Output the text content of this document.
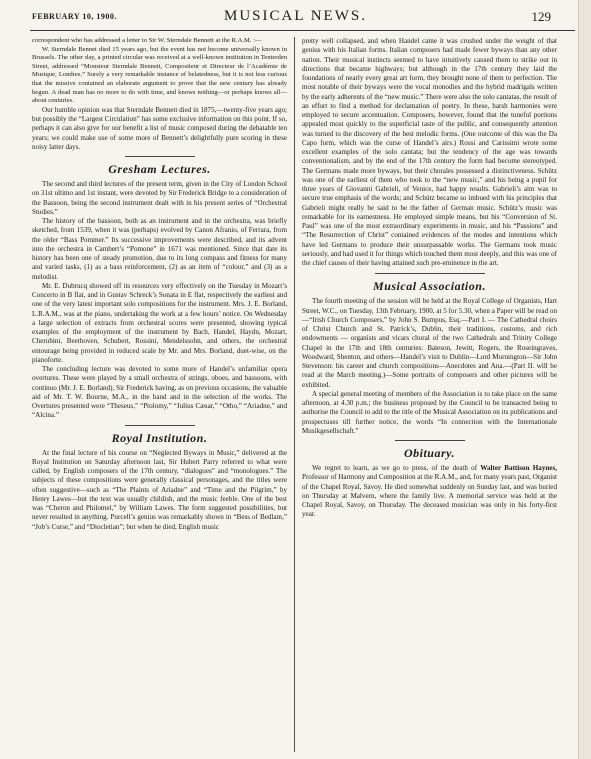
FEBRUARY 10, 1900.	MUSICAL NEWS.	129

correspondent who has addressed a letter to Sir W. Sterndale Bennett at the R.A.M. :—

W. Sterndale Bennet died 15 years ago, but the event has not become universally known in Brussels. The other day, a printed circular was received at a well-known institution in Tenterden Street, addressed “Monsieur Sterndale Bennett, Compositeur et Directeur de l’Académie de Musique, Londres.” Surely a very remarkable instance of belatedness, but it is not less curious that the missive contained an elaborate argument to prove that the new century has already begun. A dead man has no more to do with time, and knows nothing—or perhaps knows all—about centuries.

Our humble opinion was that Sterndale Bennett died in 1875,—twenty-five years ago; but possibly the “Largest Circulation” has some exclusive information on this point. If so, perhaps it can also give for our benefit a list of music composed during the debatable ten years; we could make use of some more of Bennett’s delightfully pure scoring in these noisy latter days.

Gresham Lectures.

The second and third lectures of the present term, given in the City of London School on 31st ultimo and 1st instant, were devoted by Sir Frederick Bridge to a consideration of the Bassoon, being the second instrument dealt with in his present series of “Orchestral Studies.”

The history of the bassoon, both as an instrument and in the orchestra, was briefly sketched, from 1539, when it was (perhaps) evolved by Canon Afranio, of Ferrara, from the older “Bass Pommer.” Its successive improvements were described, and its advent into the orchestra in Cambert’s “Pomone” in 1671 was mentioned. Since that date its history has been one of steady promotion, due to its long compass and fitness for many and varied tasks, (1) as a bass reinforcement, (2) as an item of “colour,” and (3) as a melodist.

Mr. E. Dubrucq showed off its resources very effectively on the Tuesday in Mozart’s Concerto in B flat, and in Gustav Schreck’s Sonata in E flat, respectively the earliest and one of the very latest important solo compositions for the instrument. Mrs. J. E. Borland, L.R.A.M., was at the piano, undertaking the work at a few hours’ notice. On Wednesday a large selection of extracts from orchestral scores were presented, showing typical examples of the employment of the instrument by Bach, Handel, Haydn, Mozart, Cherubini, Beethoven, Schubert, Rossini, Mendelssohn, and others, the orchestral entourage being provided in reduced scale by Mr. and Mrs. Borland, duet-wise, on the pianoforte.

The concluding lecture was devoted to some more of Handel’s unfamiliar opera overtures. These were played by a small orchestra of strings, oboes, and bassoons, with continuo (Mr. J. E. Borland), Sir Frederick having, as on previous occasions, the valuable aid of Mr. T. W. Bourne, M.A., in the band and in the selection of the works. The Overtures presented were “Theseus,” “Ptolomy,” “Julius Cæsar,” “Otho,” “Ariadne,” and “Alcina.”

Royal Institution.

At the final lecture of his course on “Neglected Byways in Music,” delivered at the Royal Institution on Saturday afternoon last, Sir Hubert Parry referred to what were called, by English composers of the 17th century, “dialogues” and “monologues.” The subjects of these compositions were generally classical personages, and the titles were often suggestive—such as “The Plaints of Ariadne” and “Time and the Pilgrim,” by Henry Lawes—but the text was usually childish, and the music feeble. One of the best was “Cheron and Philomel,” by William Lawes. The form suggested possibilities, but never resulted in anything. Purcell’s genius was remarkably shown in “Bess of Bedlam,” “Job’s Curse,” and “Diocletian”; but when he died, English music

pretty well collapsed, and when Handel came it was crushed under the weight of that genius with his Italian forms. Italian composers had made fewer byways than any other nation. Their musical instincts seemed to have intuitively caused them to strike out in directions that became highways; but although in the 17th century they laid the foundations of nearly every great art form, they brought none of them to perfection. The most notable of their byways were the vocal monodies and the hybrid madrigals written by the early adherents of the “new music.” There were also the solo cantatas, the result of an effort to find a method for declamation of poetry. In these, harsh harmonies were employed to secure accentuation. Composers, however, found that the tuneful portions appealed most quickly to the superficial taste of the public, and consequently attention was turned to the discovery of the best melodic forms. (One outcome of this was the Da Capo form, which was the curse of Handel’s airs.) Rossi and Carissimi wrote some excellent examples of the solo cantata; but the tendency of the age was towards conventionalism, and by the end of the 17th century the form had become stereotyped. The Germans made more byways, but their chorales possessed a distinctiveness. Schütz was one of the earliest of them who took to the “new music,” and his being a pupil for three years of Giovanni Gabrieli, of Venice, had happy results. Gabrieli’s aim was to secure true emphasis of the words; and Schütz became so imbued with his principles that Gabrieli might really be said to be the father of German music. Schütz’s music was remarkable for its earnestness. He employed simple means, but his “Conversion of St. Paul” was one of the most extraordinary experiments in music, and his “Passions” and “The Resurrection of Christ” contained evidences of the modes and intentions which have led Germans to produce their unsurpassable works. The Germans took music seriously, and had used it for things which touched them most deeply, and this was one of the chief causes of their having attained such pre-eminence in the art.

Musical Association.

The fourth meeting of the session will be held at the Royal College of Organists, Hart Street, W.C., on Tuesday, 13th February, 1900, at 5 for 5.30, when a Paper will be read on—“Irish Church Composers,” by John S. Bumpus, Esq.—Part I. — The Cathedral choirs of Christ Church and St. Patrick’s, Dublin, their traditions, customs, and rich endowments — organists and vicars choral of the two Cathedrals and Trinity College Chapel in the 17th and 18th centuries: Bateson, Jewitt, Rogers, the Roseingraves, Woodward, Shenton, and others—Handel’s visit to Dublin—Lord Mornington—Sir John Stevenson: his career and church compositions—Anecdotes and Ana.—(Part II. will be read at the March meeting.)—Some portraits of composers and other pictures will be exhibited.

A special general meeting of members of the Association is to take place on the same afternoon, at 4.30 p.m.; the business proposed by the Council to be transacted being to authorise the Council to add to the title of the Musical Association on its publications and prospectuses till further notice, the words “In connection with the Internationale Musikgesellschaft.”

Obituary.

We regret to learn, as we go to press, of the death of Walter Battison Haynes, Professor of Harmony and Composition at the R.A.M., and, for many years past, Organist of the Chapel Royal, Savoy. He died somewhat suddenly on Sunday last, and was buried on Thursday at Malvern, where the family live. A memorial service was held at the Chapel Royal, Savoy, on Thursday. The deceased musician was only in his forty-first year.
